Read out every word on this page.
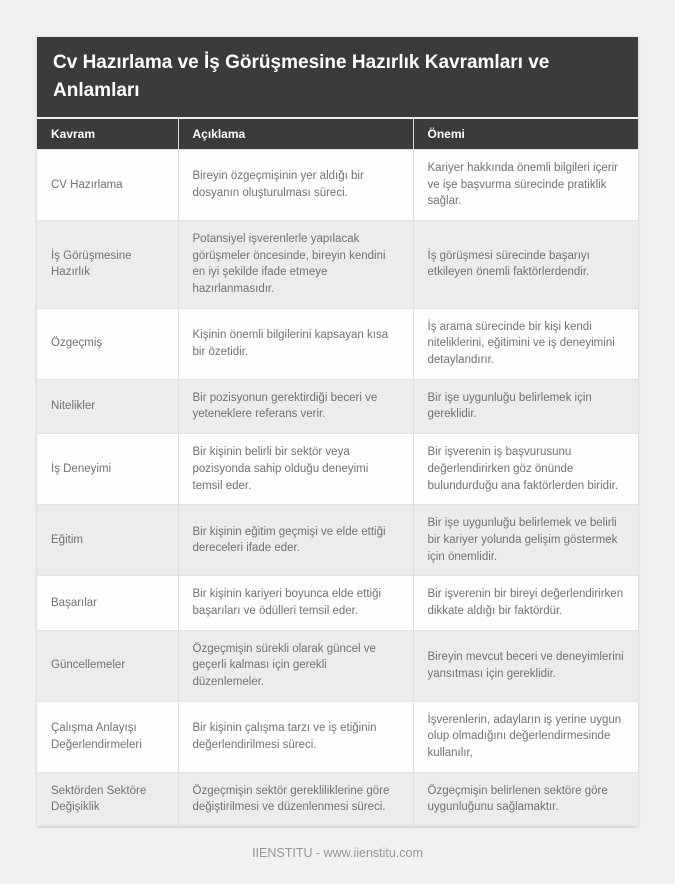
Cv Hazırlama ve İş Görüşmesine Hazırlık Kavramları ve Anlamları
Kavram	Açıklama	Önemi
CV Hazırlama	Bireyin özgeçmişinin yer aldığı bir dosyanın oluşturulması süreci.	Kariyer hakkında önemli bilgileri içerir ve işe başvurma sürecinde pratiklik sağlar.
İş Görüşmesine Hazırlık	Potansiyel işverenlerle yapılacak görüşmeler öncesinde, bireyin kendini en iyi şekilde ifade etmeye hazırlanmasıdır.	İş görüşmesi sürecinde başarıyı etkileyen önemli faktörlerdendir.
Özgeçmiş	Kişinin önemli bilgilerini kapsayan kısa bir özetidir.	İş arama sürecinde bir kişi kendi niteliklerini, eğitimini ve iş deneyimini detaylandırır.
Nitelikler	Bir pozisyonun gerektirdiği beceri ve yeteneklere referans verir.	Bir işe uygunluğu belirlemek için gereklidir.
İş Deneyimi	Bir kişinin belirli bir sektör veya pozisyonda sahip olduğu deneyimi temsil eder.	Bir işverenin iş başvurusunu değerlendirirken göz önünde bulundurduğu ana faktörlerden biridir.
Eğitim	Bir kişinin eğitim geçmişi ve elde ettiği dereceleri ifade eder.	Bir işe uygunluğu belirlemek ve belirli bir kariyer yolunda gelişim göstermek için önemlidir.
Başarılar	Bir kişinin kariyeri boyunca elde ettiği başarıları ve ödülleri temsil eder.	Bir işverenin bir bireyi değerlendirirken dikkate aldığı bir faktördür.
Güncellemeler	Özgeçmişin sürekli olarak güncel ve geçerli kalması için gerekli düzenlemeler.	Bireyin mevcut beceri ve deneyimlerini yansıtması için gereklidir.
Çalışma Anlayışı Değerlendirmeleri	Bir kişinin çalışma tarzı ve iş etiğinin değerlendirilmesi süreci.	İşverenlerin, adayların iş yerine uygun olup olmadığını değerlendirmesinde kullanılır,
Sektörden Sektöre Değişiklik	Özgeçmişin sektör gerekliliklerine göre değiştirilmesi ve düzenlenmesi süreci.	Özgeçmişin belirlenen sektöre göre uygunluğunu sağlamaktır.
IIENSTITU - www.iienstitu.com
